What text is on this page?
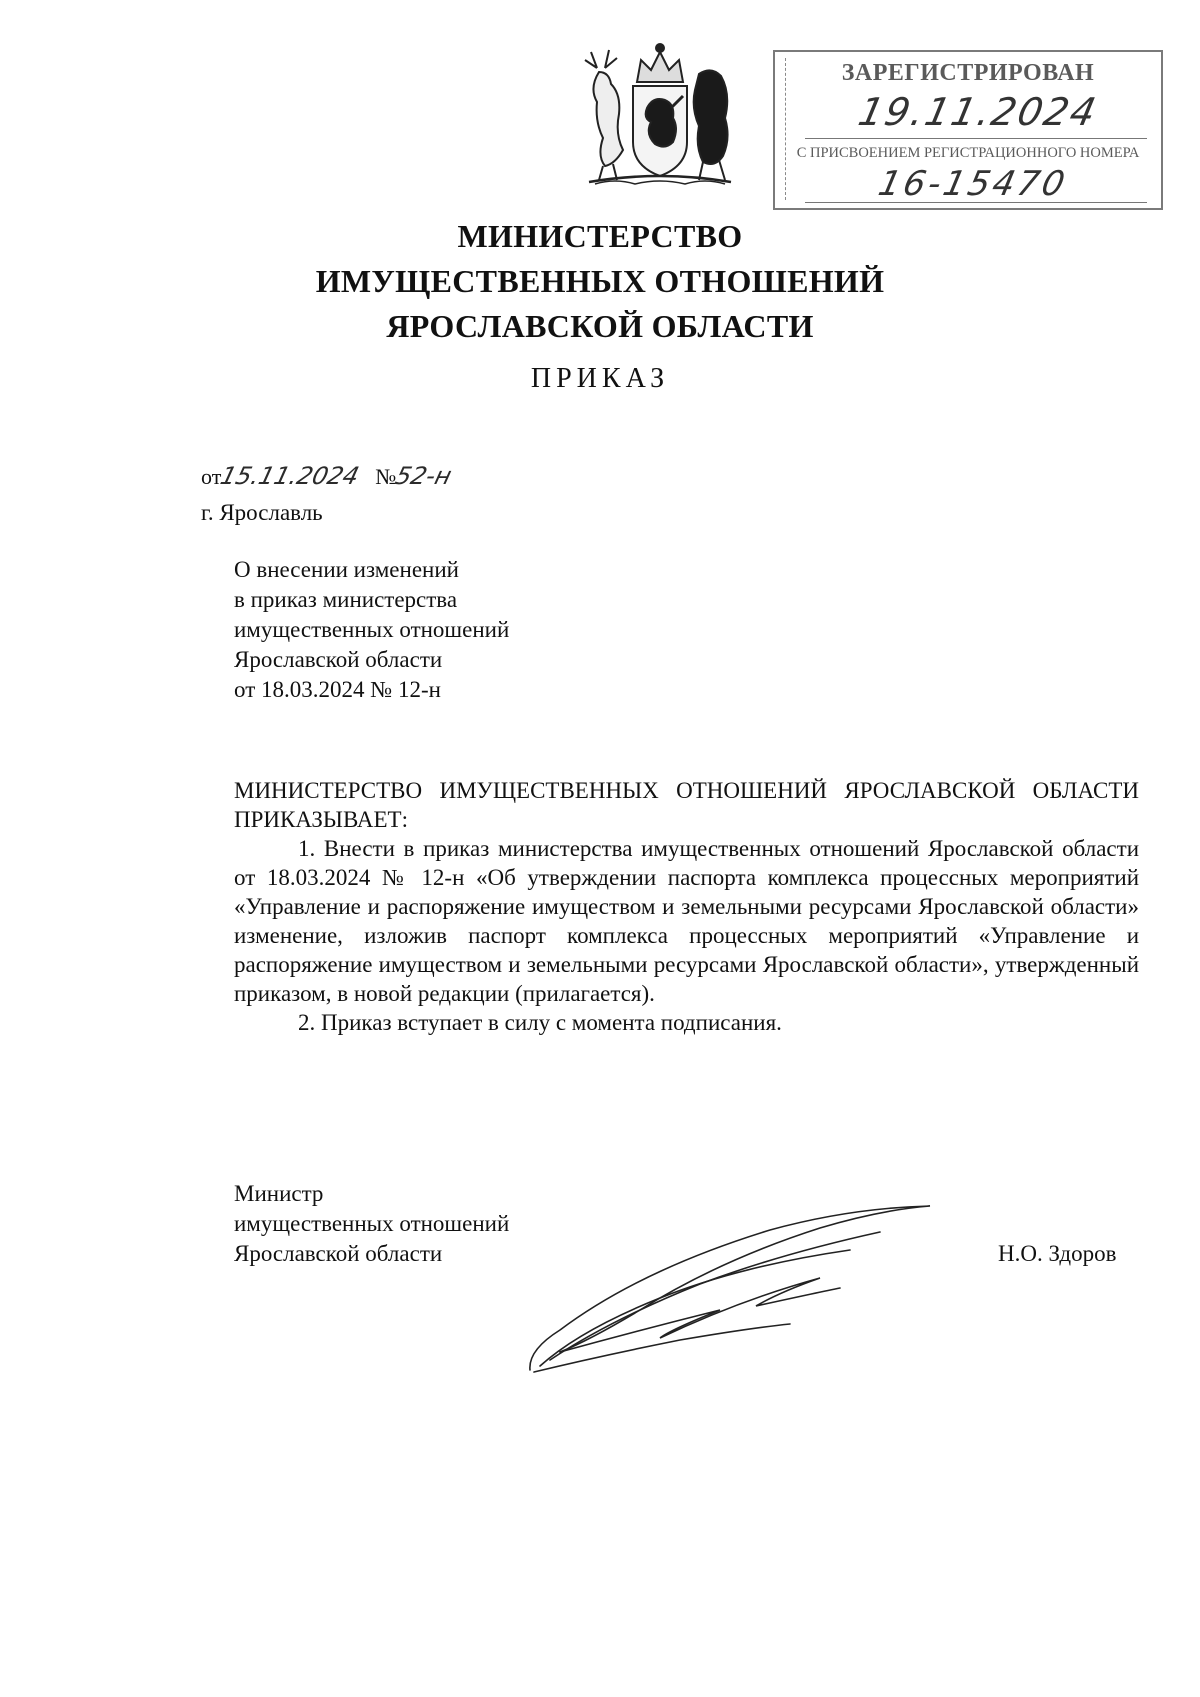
ЗАРЕГИСТРИРОВАН
19.11.2024
С ПРИСВОЕНИЕМ РЕГИСТРАЦИОННОГО НОМЕРА
16-15470
МИНИСТЕРСТВО
ИМУЩЕСТВЕННЫХ ОТНОШЕНИЙ
ЯРОСЛАВСКОЙ ОБЛАСТИ
ПРИКАЗ
от15.11.2024 №52-н
г. Ярославль
О внесении изменений
в приказ министерства
имущественных отношений
Ярославской области
от 18.03.2024 № 12-н

МИНИСТЕРСТВО ИМУЩЕСТВЕННЫХ ОТНОШЕНИЙ ЯРОСЛАВСКОЙ ОБЛАСТИ ПРИКАЗЫВАЕТ:

1. Внести в приказ министерства имущественных отношений Ярославской области от 18.03.2024 № 12-н «Об утверждении паспорта комплекса процессных мероприятий «Управление и распоряжение имуществом и земельными ресурсами Ярославской области» изменение, изложив паспорт комплекса процессных мероприятий «Управление и распоряжение имуществом и земельными ресурсами Ярославской области», утвержденный приказом, в новой редакции (прилагается).

2. Приказ вступает в силу с момента подписания.

Министр
имущественных отношений
Ярославской области	Н.О. Здоров
